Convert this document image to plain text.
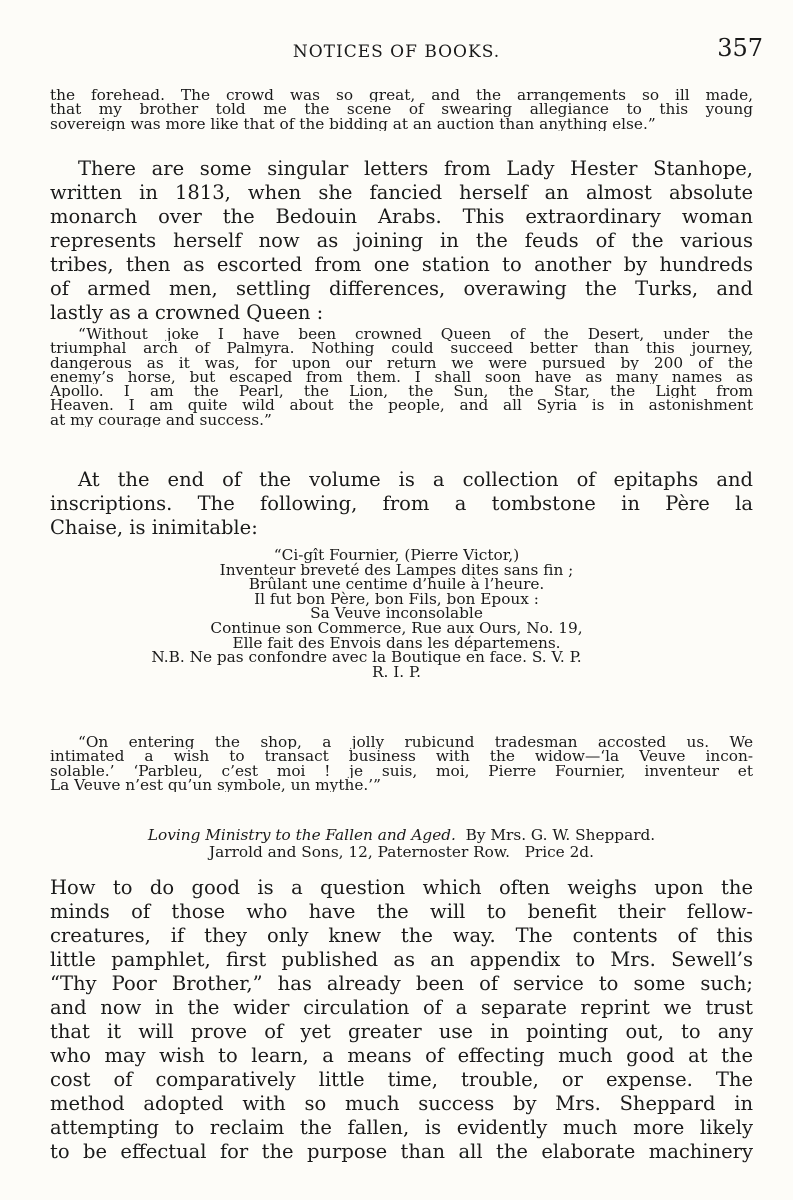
NOTICES OF BOOKS.	357
the forehead. The crowd was so great, and the arrangements so ill made,
that my brother told me the scene of swearing allegiance to this young
sovereign was more like that of the bidding at an auction than anything else.”
There are some singular letters from Lady Hester Stanhope,
written in 1813, when she fancied herself an almost absolute
monarch over the Bedouin Arabs. This extraordinary woman
represents herself now as joining in the feuds of the various
tribes, then as escorted from one station to another by hundreds
of armed men, settling differences, overawing the Turks, and
lastly as a crowned Queen :
“Without joke I have been crowned Queen of the Desert, under the
triumphal arch of Palmyra. Nothing could succeed better than this journey,
dangerous as it was, for upon our return we were pursued by 200 of the
enemy’s horse, but escaped from them. I shall soon have as many names as
Apollo. I am the Pearl, the Lion, the Sun, the Star, the Light from
Heaven. I am quite wild about the people, and all Syria is in astonishment
at my courage and success.”
At the end of the volume is a collection of epitaphs and
inscriptions. The following, from a tombstone in Père la
Chaise, is inimitable:
“Ci-gît Fournier, (Pierre Victor,)
Inventeur breveté des Lampes dites sans fin ;
Brûlant une centime d’huile à l’heure.
Il fut bon Père, bon Fils, bon Epoux :
Sa Veuve inconsolable
Continue son Commerce, Rue aux Ours, No. 19,
Elle fait des Envois dans les départemens.
N.B. Ne pas confondre avec la Boutique en face. S. V. P.
R. I. P.
“On entering the shop, a jolly rubicund tradesman accosted us. We
intimated a wish to transact business with the widow—‘la Veuve incon-
solable.’ ‘Parbleu, c’est moi ! je suis, moi, Pierre Fournier, inventeur et
La Veuve n’est qu’un symbole, un mythe.’”
Loving Ministry to the Fallen and Aged. By Mrs. G. W. Sheppard.
Jarrold and Sons, 12, Paternoster Row. Price 2d.
How to do good is a question which often weighs upon the
minds of those who have the will to benefit their fellow-
creatures, if they only knew the way. The contents of this
little pamphlet, first published as an appendix to Mrs. Sewell’s
“Thy Poor Brother,” has already been of service to some such;
and now in the wider circulation of a separate reprint we trust
that it will prove of yet greater use in pointing out, to any
who may wish to learn, a means of effecting much good at the
cost of comparatively little time, trouble, or expense. The
method adopted with so much success by Mrs. Sheppard in
attempting to reclaim the fallen, is evidently much more likely
to be effectual for the purpose than all the elaborate machinery
